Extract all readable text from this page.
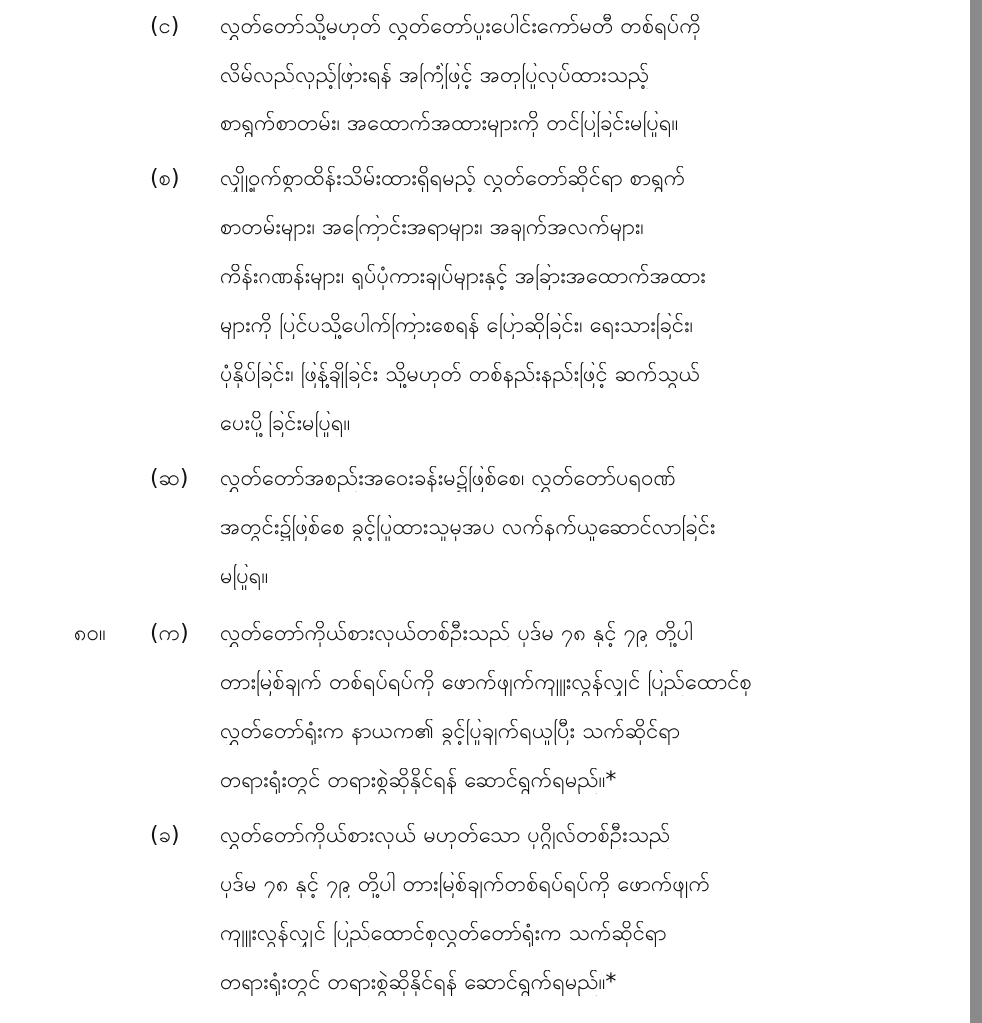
(င) လွှတ်တော်သို့မဟုတ် လွှတ်တော်ပူးပေါင်းကော်မတီ တစ်ရပ်ကို
လိမ်လည်လှည့်ဖြားရန် အကြံဖြင့် အတုပြုလုပ်ထားသည့်
စာရွက်စာတမ်း၊ အထောက်အထားများကို တင်ပြခြင်းမပြုရ။
(စ) လျှို့ဝှက်စွာထိန်းသိမ်းထားရှိရမည့် လွှတ်တော်ဆိုင်ရာ စာရွက်
စာတမ်းများ၊ အကြောင်းအရာများ၊ အချက်အလက်များ၊
ကိန်းဂဏန်းများ၊ ရုပ်ပုံကားချပ်များနှင့် အခြားအထောက်အထား
များကို ပြင်ပသို့ပေါက်ကြားစေရန် ပြောဆိုခြင်း၊ ရေးသားခြင်း၊
ပုံနှိပ်ခြင်း၊ ဖြန့်ချိခြင်း သို့မဟုတ် တစ်နည်းနည်းဖြင့် ဆက်သွယ်
ပေးပို့ခြင်းမပြုရ။
(ဆ) လွှတ်တော်အစည်းအဝေးခန်းမ၌ဖြစ်စေ၊ လွှတ်တော်ပရဝဏ်
အတွင်း၌ဖြစ်စေ ခွင့်ပြုထားသူမှအပ လက်နက်ယူဆောင်လာခြင်း
မပြုရ။
၈၀။ (က) လွှတ်တော်ကိုယ်စားလှယ်တစ်ဦးသည် ပုဒ်မ ၇၈ နှင့် ၇၉ တို့ပါ
တားမြစ်ချက် တစ်ရပ်ရပ်ကို ဖောက်ဖျက်ကျူးလွန်လျှင် ပြည်ထောင်စု
လွှတ်တော်ရုံးက နာယက၏ ခွင့်ပြုချက်ရယူပြီး သက်ဆိုင်ရာ
တရားရုံးတွင် တရားစွဲဆိုနိုင်ရန် ဆောင်ရွက်ရမည်။*
(ခ) လွှတ်တော်ကိုယ်စားလှယ် မဟုတ်သော ပုဂ္ဂိုလ်တစ်ဦးသည်
ပုဒ်မ ၇၈ နှင့် ၇၉ တို့ပါ တားမြစ်ချက်တစ်ရပ်ရပ်ကို ဖောက်ဖျက်
ကျူးလွန်လျှင် ပြည်ထောင်စုလွှတ်တော်ရုံးက သက်ဆိုင်ရာ
တရားရုံးတွင် တရားစွဲဆိုနိုင်ရန် ဆောင်ရွက်ရမည်။*
